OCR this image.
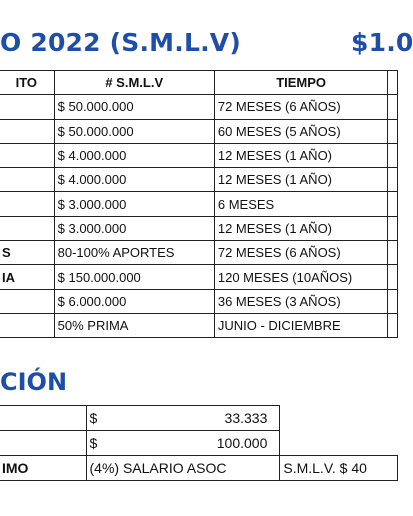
O 2022 (S.M.L.V)	$1.0
ITO	# S.M.L.V	TIEMPO	
	$ 50.000.000	72 MESES (6 AÑOS)	
	$ 50.000.000	60 MESES (5 AÑOS)	
	$ 4.000.000	12 MESES (1 AÑO)	
	$ 4.000.000	12 MESES (1 AÑO)	
	$ 3.000.000	6 MESES	
	$ 3.000.000	12 MESES (1 AÑO)	
S	80-100% APORTES	72 MESES (6 AÑOS)	
IA	$ 150.000.000	120 MESES (10AÑOS)	
	$ 6.000.000	36 MESES (3 AÑOS)	
	50% PRIMA	JUNIO - DICIEMBRE	
CIÓN

	$ 33.333	

	$ 100.000	

IMO	(4%) SALARIO ASOC	S.M.L.V. $ 40
